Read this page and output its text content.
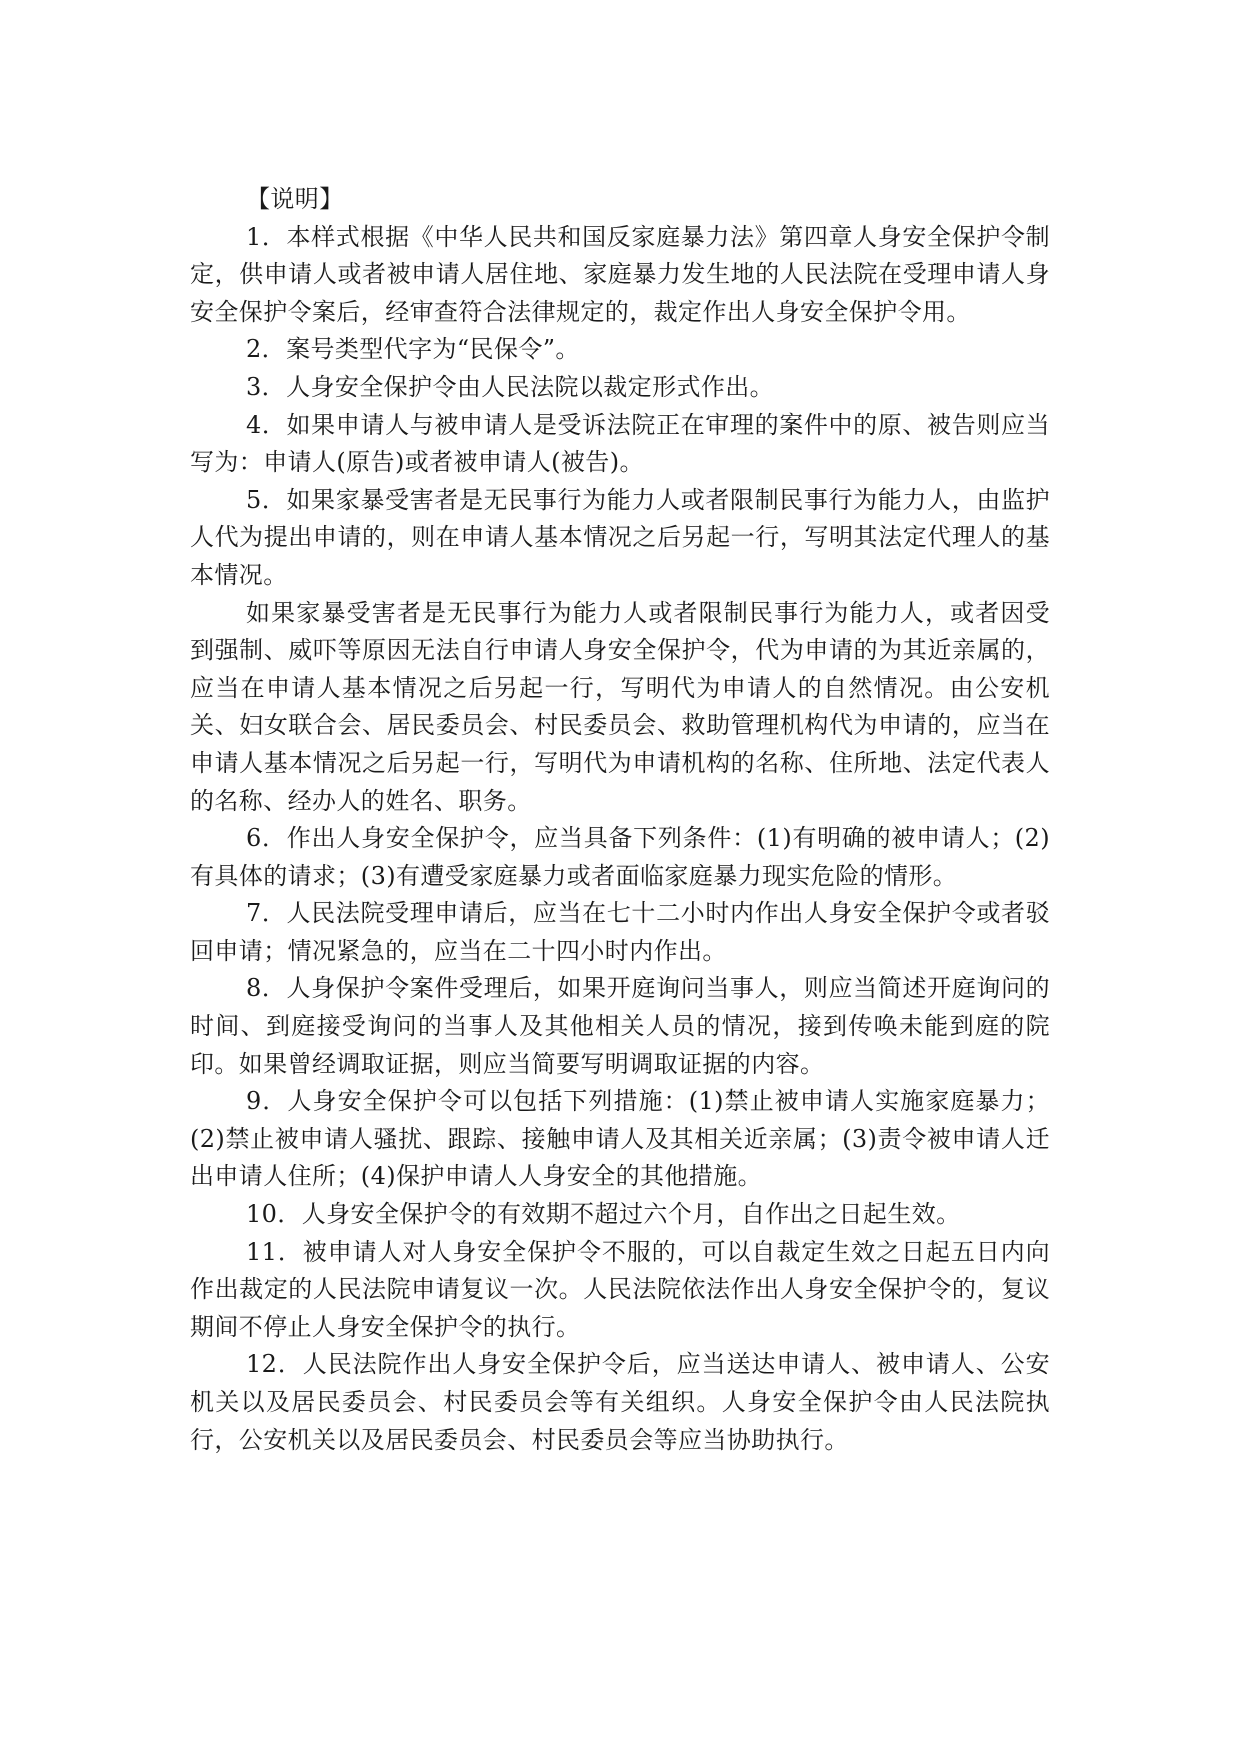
【说明】

1．本样式根据《中华人民共和国反家庭暴力法》第四章人身安全保护令制定，供申请人或者被申请人居住地、家庭暴力发生地的人民法院在受理申请人身安全保护令案后，经审查符合法律规定的，裁定作出人身安全保护令用。

2．案号类型代字为“民保令”。

3．人身安全保护令由人民法院以裁定形式作出。

4．如果申请人与被申请人是受诉法院正在审理的案件中的原、被告则应当写为：申请人(原告)或者被申请人(被告)。

5．如果家暴受害者是无民事行为能力人或者限制民事行为能力人，由监护人代为提出申请的，则在申请人基本情况之后另起一行，写明其法定代理人的基本情况。

如果家暴受害者是无民事行为能力人或者限制民事行为能力人，或者因受到强制、威吓等原因无法自行申请人身安全保护令，代为申请的为其近亲属的，应当在申请人基本情况之后另起一行，写明代为申请人的自然情况。由公安机关、妇女联合会、居民委员会、村民委员会、救助管理机构代为申请的，应当在申请人基本情况之后另起一行，写明代为申请机构的名称、住所地、法定代表人的名称、经办人的姓名、职务。

6．作出人身安全保护令，应当具备下列条件：(1)有明确的被申请人；(2)有具体的请求；(3)有遭受家庭暴力或者面临家庭暴力现实危险的情形。

7．人民法院受理申请后，应当在七十二小时内作出人身安全保护令或者驳回申请；情况紧急的，应当在二十四小时内作出。

8．人身保护令案件受理后，如果开庭询问当事人，则应当简述开庭询问的时间、到庭接受询问的当事人及其他相关人员的情况，接到传唤未能到庭的院印。如果曾经调取证据，则应当简要写明调取证据的内容。

9．人身安全保护令可以包括下列措施：(1)禁止被申请人实施家庭暴力；(2)禁止被申请人骚扰、跟踪、接触申请人及其相关近亲属；(3)责令被申请人迁出申请人住所；(4)保护申请人人身安全的其他措施。

10．人身安全保护令的有效期不超过六个月，自作出之日起生效。

11．被申请人对人身安全保护令不服的，可以自裁定生效之日起五日内向作出裁定的人民法院申请复议一次。人民法院依法作出人身安全保护令的，复议期间不停止人身安全保护令的执行。

12．人民法院作出人身安全保护令后，应当送达申请人、被申请人、公安机关以及居民委员会、村民委员会等有关组织。人身安全保护令由人民法院执行，公安机关以及居民委员会、村民委员会等应当协助执行。
